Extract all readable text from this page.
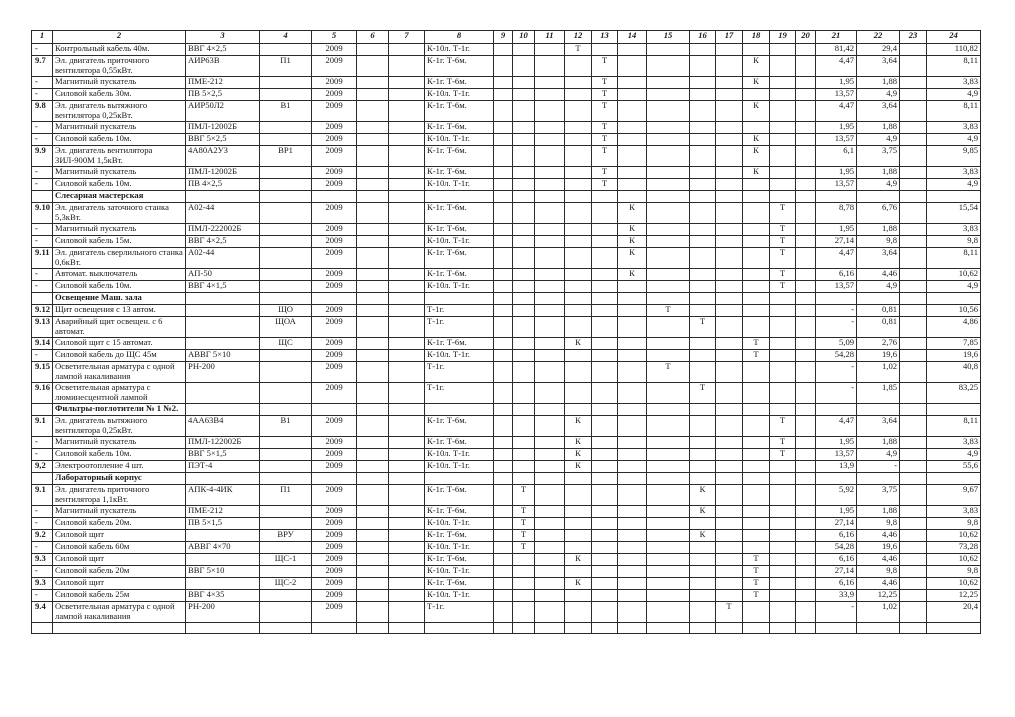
1	2	3	4	5	6	7	8	9	10	11	12	13	14	15	16	17	18	19	20	21	22	23	24
-	Контрольный кабель 40м.	ВВГ 4×2,5		2009			К-10л. Т-1г.				Т									81,42	29,4		110,82
9.7	Эл. двигатель приточного вентилятора 0,55кВт.	АИР63В	П1	2009			К-1г. Т-6м.					Т					К			4,47	3,64		8,11
-	Магнитный пускатель	ПМЕ-212		2009			К-1г. Т-6м.					Т					К			1,95	1,88		3,83
-	Силовой кабель 30м.	ПВ 5×2,5		2009			К-10л. Т-1г.					Т								13,57	4,9		4,9
9.8	Эл. двигатель вытяжного вентилятора 0,25кВт.	АИР50Л2	В1	2009			К-1г. Т-6м.					Т					К			4,47	3,64		8,11
-	Магнитный пускатель	ПМЛ-12002Б		2009			К-1г. Т-6м.					Т								1,95	1,88		3,83
-	Силовой кабель 10м.	ВВГ 5×2,5		2009			К-10л. Т-1г.					Т					К			13,57	4,9		4,9
9.9	Эл. двигатель вентилятора ЗИЛ-900М 1,5кВт.	4А80А2УЗ	ВР1	2009			К-1г. Т-6м.					Т					К			6,1	3,75		9,85
-	Магнитный пускатель	ПМЛ-12002Б		2009			К-1г. Т-6м.					Т					К			1,95	1,88		3,83
-	Силовой кабель 10м.	ПВ 4×2,5		2009			К-10л. Т-1г.					Т								13,57	4,9		4,9
	Слесарная мастерская																						
9.10	Эл. двигатель заточного станка 5,3кВт.	А02-44		2009			К-1г. Т-6м.						К					Т		8,78	6,76		15,54
-	Магнитный пускатель	ПМЛ-222002Б		2009			К-1г. Т-6м.						К					Т		1,95	1,88		3,83
-	Силовой кабель 15м.	ВВГ 4×2,5		2009			К-10л. Т-1г.						К					Т		27,14	9,8		9,8
9.11	Эл. двигатель сверлильного станка 0,6кВт.	А02-44		2009			К-1г. Т-6м.						К					Т		4,47	3,64		8,11
-	Автомат. выключатель	АП-50		2009			К-1г. Т-6м.						К					Т		6,16	4,46		10,62
-	Силовой кабель 10м.	ВВГ 4×1,5		2009			К-10л. Т-1г.											Т		13,57	4,9		4,9
	Освещение Маш. зала																						
9.12	Щит освещения с 13 автом.		ЩО	2009			Т-1г.							Т						-	0,81		10,56
9.13	Аварийный щит освещен. с 6 автомат.		ЩОА	2009			Т-1г.								Т					-	0,81		4,86
9.14	Силовой щит с 15 автомат.		ЩС	2009			К-1г. Т-6м.				К						Т			5,09	2,76		7,85
-	Силовой кабель до ЩС 45м	АВВГ 5×10		2009			К-10л. Т-1г.										Т			54,28	19,6		19,6
9.15	Осветительная арматура с одной лампой накаливания	РН-200		2009			Т-1г.							Т						-	1,02		40,8
9.16	Осветительная арматура с люминесцентной лампой			2009			Т-1г.								Т					-	1,85		83,25
	Фильтры-поглотители № 1 №2.																						
9.1	Эл. двигатель вытяжного вентилятора 0,25кВт.	4АА63В4	В1	2009			К-1г. Т-6м.				К							Т		4,47	3,64		8,11
-	Магнитный пускатель	ПМЛ-122002Б		2009			К-1г. Т-6м.				К							Т		1,95	1,88		3,83
-	Силовой кабель 10м.	ВВГ 5×1,5		2009			К-10л. Т-1г.				К							Т		13,57	4,9		4,9
9,2	Электроотопление 4 шт.	ПЭТ-4		2009			К-10л. Т-1г.				К									13,9	-		55,6
	Лабораторный корпус																						
9.1	Эл. двигатель приточного вентилятора 1,1кВт.	АПК-4-4ИК	П1	2009			К-1г. Т-6м.		Т						К					5,92	3,75		9,67
-	Магнитный пускатель	ПМЕ-212		2009			К-1г. Т-6м.		Т						К					1,95	1,88		3,83
-	Силовой кабель 20м.	ПВ 5×1,5		2009			К-10л. Т-1г.		Т											27,14	9,8		9,8
9.2	Силовой щит		ВРУ	2009			К-1г. Т-6м.		Т						К					6,16	4,46		10,62
-	Силовой кабель 60м	АВВГ 4×70		2009			К-10л. Т-1г.		Т											54,28	19,6		73,28
9.3	Силовой щит		ЩС-1	2009			К-1г. Т-6м.				К						Т			6,16	4,46		10,62
-	Силовой кабель 20м	ВВГ 5×10		2009			К-10л. Т-1г.										Т			27,14	9,8		9,8
9.3	Силовой щит		ЩС-2	2009			К-1г. Т-6м.				К						Т			6,16	4,46		10,62
-	Силовой кабель 25м	ВВГ 4×35		2009			К-10л. Т-1г.										Т			33,9	12,25		12,25
9.4	Осветительная арматура с одной лампой накаливания	РН-200		2009			Т-1г.									Т				-	1,02		20,4
